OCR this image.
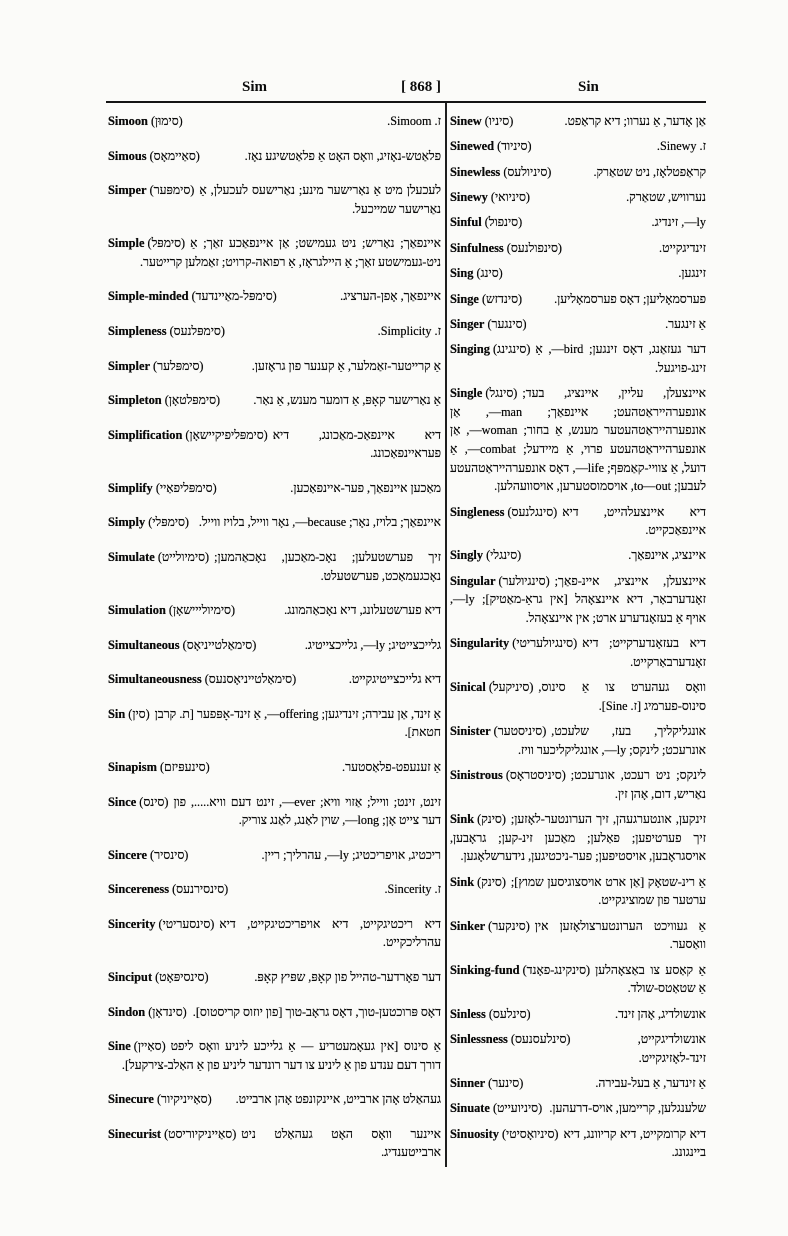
Sim	[ 868 ]	Sin

Simoon (סימוּן)	ז. Simoom.

Simous (סאַיימאָס)	פלאַטש-נאָזיג, וואָס האָט אַ פלאַטשיגע נאָז.

Simper (סימפּער) לעכעלן מיט אַ נאַרישער מינע; נאַרישעס לעכעלן, אַ נאַרישער שמייכעל.

Simple (סימפּל) איינפאַך; נאַריש; ניט געמישט; אַן איינפאַכע זאַך; אַ ניט-געמישטע זאַך; אַ היילגראָז, אַ רפואה-קרויט; זאַמלען קרייטער.

Simple-minded (סימפּל-מאַיינדעד)	איינפאַך, אָפן-הערציג.

Simpleness (סימפּלנעס)	ז. Simplicity.

Simpler (סימפּלער)	אַ קרייטער-זאַמלער, אַ קענער פון גראָזען.

Simpleton (סימפּלטאָן)	אַ נאַרישער קאָפּ, אַ דומער מענש, אַ נאַר.

Simplification (סימפּליפיקיישאָן) דיא איינפאַכ-מאַכונג, דיא פעראיינפאַכונג.

Simplify (סימפּליפאַיי)	מאַכען איינפאַך, פער-איינפאַכען.

Simply (סימפּלי) איינפאַך; בלויז, נאָר; because—, נאָר ווייל, בלויז ווייל.

Simulate (סימיולייט) זיך פערשטעלען; נאָכ-מאַכען, נאָכאַהמען; נאָכגעמאַכט, פערשטעלט.

Simulation (סימיולייישאָן)	דיא פערשטעלונג, דיא נאָכאַהמונג.

Simultaneous (סימאַלטייניאָס)	גלייכצייטיג; ly—, גלייכצייטיג.

Simultaneousness (סימאַלטייניאָסנעס)	דיא גלייכצייטיגקייט.

Sin (סין) אַ זינד, אַן עבירה; זינדיגען; offering—, אַ זינד-אָפּפער [ת. קרבן חטאת].

Sinapism (סינעפּיזם)	אַ זענעפט-פלאַסטער.

Since (סינס) זינט, זינט; ווייל; אַזוי וויא; ever—, זינט דעם וויא....., פון דער צייט אָן; long—, שוין לאַנג, לאַנג צוריק.

Sincere (סינסיר)	ריכטיג, אויפריכטיג; ly—, עהרליך; ריין.

Sincereness (סינסירנעס)	ז. Sincerity.

Sincerity (סינסעריטי) דיא ריכטיגקייט, דיא אויפריכטיגקייט, דיא עהרליכקייט.

Sinciput (סינסיפּאָט)	דער פאָרדער-טהייל פון קאָפּ, שפּיץ קאָפּ.

Sindon (סינדאָן) דאָס פּרוכטען-טוך, דאָס גראָב-טוך [פון יוזוס קריסטוס].

Sine (סאַיין) אַ סינוס [אין געאָמעטריע — אַ גלייכע ליניע וואָס ליפט דורך דעם ענדע פון אַ ליניע צו דער רונדער ליניע פון אַ האַלב-צירקעל].

Sinecure (סאַייניקיור) געהאַלט אָהן ארבייט, איינקונפט אָהן ארבייט.

Sinecurist (סאַייניקיוריסט) איינער וואָס האָט געהאַלט ניט ארבייטענדיג.

Sinew (סיניו)	אַן אָדער, אַ נערוו; דיא קראַפט.

Sinewed (סיניוד)	ז. Sinewy.

Sinewless (סיניולעס)	קראַפטלאָז, ניט שטאַרק.

Sinewy (סיניואי)	נערוויש, שטאַרק.

Sinful (סינפול)	ly—, זינדיג.

Sinfulness (סינפולנעס)	זינדיגקייט.

Sing (סינג)	זינגען.

Singe (סינדזש)	פערסמאָליען; דאָס פערסמאָליען.

Singer (סינגער)	אַ זינגער.

Singing (סינגינג) דער געזאַנג, דאָס זינגען; bird—, אַ זינג-פויגעל.

Single (סינגל) איינצעלן, עליין, איינציג, בעד; אונפערהייראַטהעט; איינפאַך; man—, אַן אונפערהייראַטהעטער מענש, אַ בחור; woman—, אַן אונפערהייראַטהעטע פרוי, אַ מיידעל; combat—, אַ דועל, אַ צוויי-קאַמפּף; life—, דאָס אונפערהייראַטהעטע לעבען; to—out, אויסמוסטערען, אויסוועהלען.

Singleness (סינגלנעס) דיא איינצעלהייט, דיא איינפאַכקייט.

Singly (סינגלי)	איינציג, איינפאַך.

Singular (סינגיולער) איינצעלן, איינציג, איינ-פאַך; זאָנדערבאַר, דיא איינצאָהל [אין גראַ-מאַטיק]; ly—, אויף אַ בעזאָנדערע ארט; אין איינצאָהל.

Singularity (סינגיולעריטי) דיא בעזאָנדערקייט; דיא זאָנדערבאַרקייט.

Sinical (סיניקעל) וואָס געהערט צו אַ סינוס, סינוס-פערמיג [ז. Sine].

Sinister (סיניסטער) אונגליקליך, בעז, שלעכט, אונרעכט; לינקס; ly—, אונגליקליכער וויז.

Sinistrous (סיניסטראָס) לינקס; ניט רעכט, אונרעכט; נאַריש, דום, אָהן זין.

Sink (סינק) זינקען, אונטערגעהן, זיך הערונטער-לאָזען; זיך פערטיפען; פאַלען; מאַכען זינ-קען; גראָבען, אויסגראָבען, אויסטיפען; פער-ניכטיגען, נידערשלאָגען.

Sink (סינק) אַ רינ-שטאָק [אַן ארט אויסצוגיסען שמוץ]; ערטער פון שמוציגקייט.

Sinker (סינקער) אַ געוויכט הערונטערצולאָזען אין וואַסער.

Sinking-fund (סינקינג-פאָנד) אַ קאַסע צו באַצאָהלען אַ שטאַטס-שולד.

Sinless (סינלעס)	אונשולדיג, אָהן זינד.

Sinlessness (סינלעסנעס)	אונשולדיגקייט, זינד-לאָזיגקייט.

Sinner (סינער)	אַ זינדער, אַ בעל-עבירה.

Sinuate (סיניועייט) שלענגלען, קריימען, אויס-דרעהען.

Sinuosity (סיניואָסיטי) דיא קרומקייט, דיא קריוונג, דיא ביינגונג.
